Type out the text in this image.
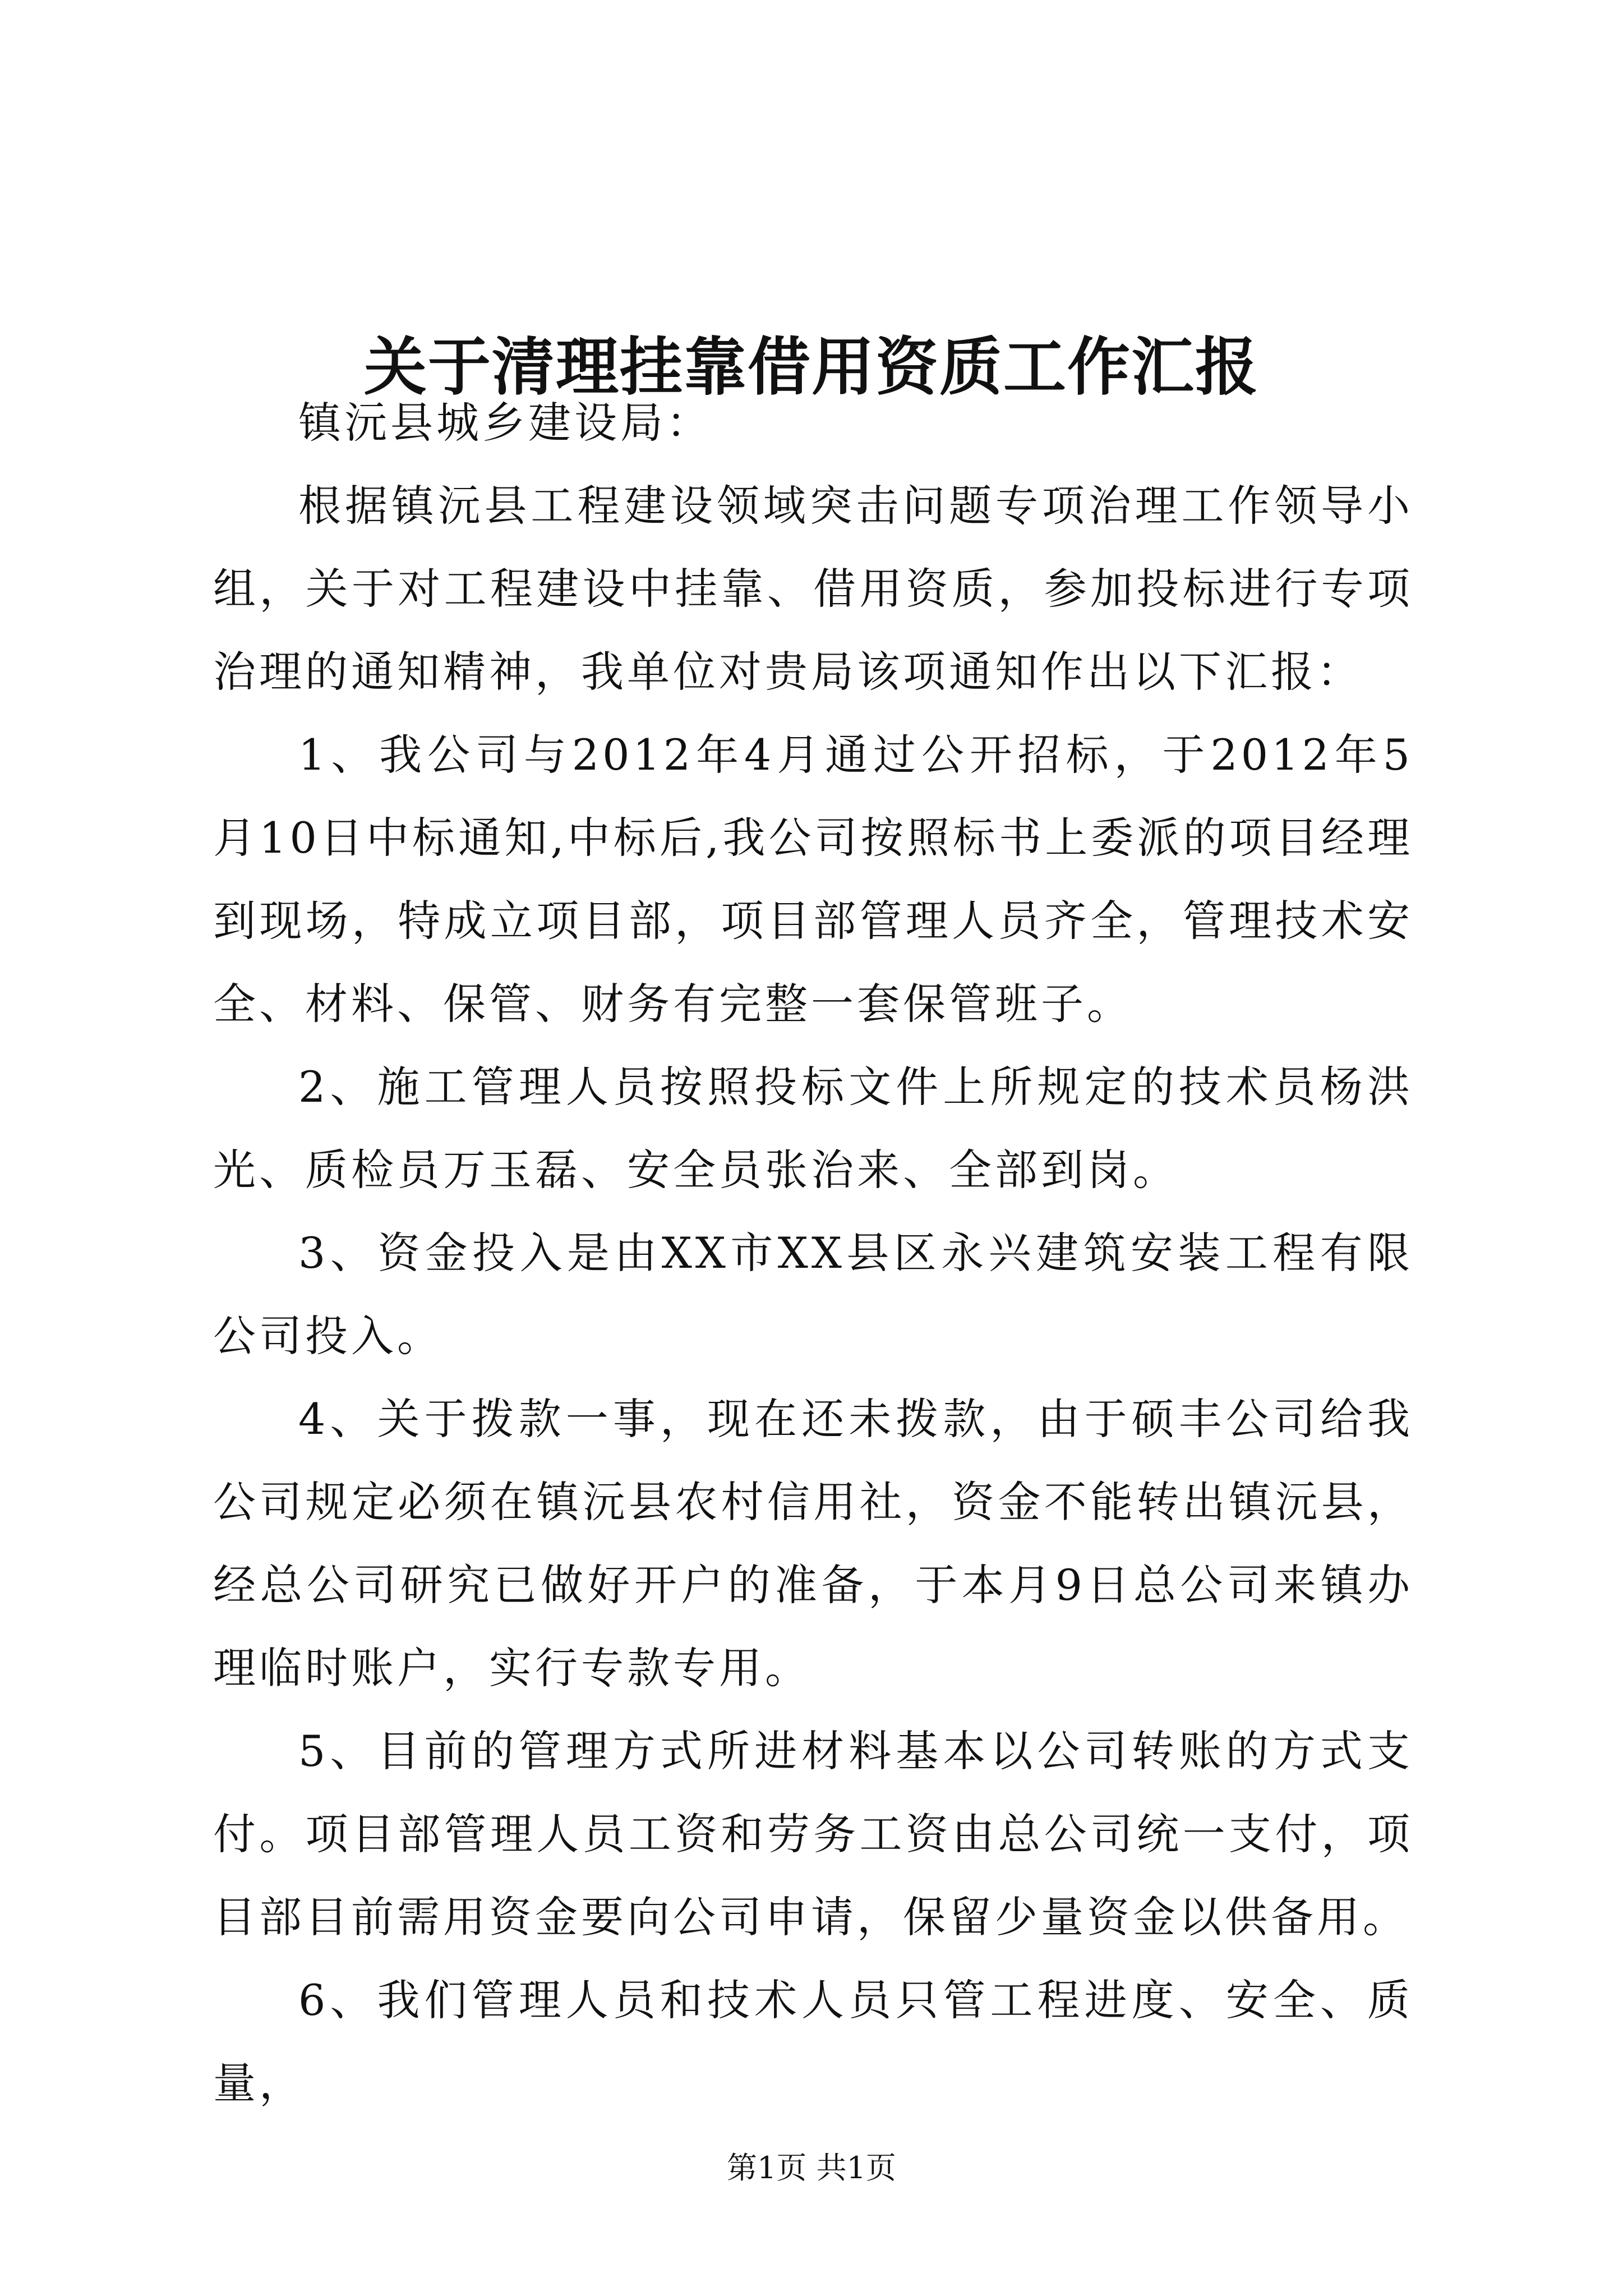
关于清理挂靠借用资质工作汇报

镇沅县城乡建设局：

根据镇沅县工程建设领域突击问题专项治理工作领导小组，关于对工程建设中挂靠、借用资质，参加投标进行专项治理的通知精神，我单位对贵局该项通知作出以下汇报：

1、我公司与2012年4月通过公开招标，于2012年5月10日中标通知,中标后,我公司按照标书上委派的项目经理到现场，特成立项目部，项目部管理人员齐全，管理技术安全、材料、保管、财务有完整一套保管班子。

2、施工管理人员按照投标文件上所规定的技术员杨洪光、质检员万玉磊、安全员张治来、全部到岗。

3、资金投入是由XX市XX县区永兴建筑安装工程有限公司投入。

4、关于拨款一事，现在还未拨款，由于硕丰公司给我公司规定必须在镇沅县农村信用社，资金不能转出镇沅县，经总公司研究已做好开户的准备，于本月9日总公司来镇办理临时账户，实行专款专用。

5、目前的管理方式所进材料基本以公司转账的方式支付。项目部管理人员工资和劳务工资由总公司统一支付，项目部目前需用资金要向公司申请，保留少量资金以供备用。

6、我们管理人员和技术人员只管工程进度、安全、质量，

第1页 共1页
